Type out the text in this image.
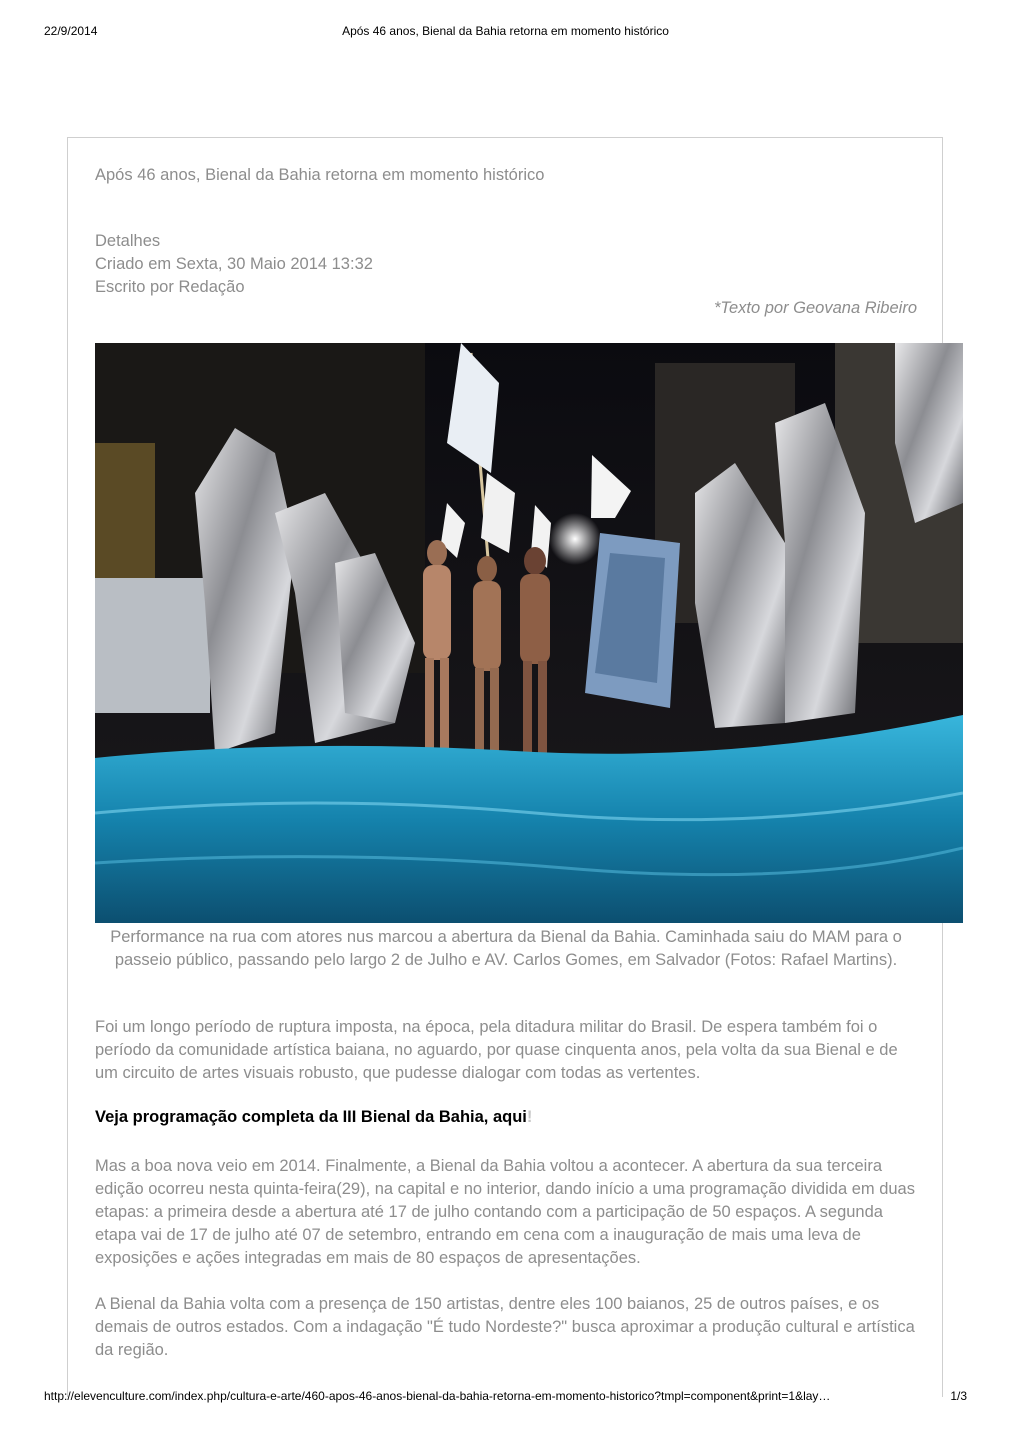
22/9/2014	Após 46 anos, Bienal da Bahia retorna em momento histórico
Após 46 anos, Bienal da Bahia retorna em momento histórico
Detalhes
Criado em Sexta, 30 Maio 2014 13:32
Escrito por Redação
*Texto por Geovana Ribeiro
Performance na rua com atores nus marcou a abertura da Bienal da Bahia. Caminhada saiu do MAM para o
passeio público, passando pelo largo 2 de Julho e AV. Carlos Gomes, em Salvador (Fotos: Rafael Martins).

Foi um longo período de ruptura imposta, na época, pela ditadura militar do Brasil. De espera também foi o período da comunidade artística baiana, no aguardo, por quase cinquenta anos, pela volta da sua Bienal e de um circuito de artes visuais robusto, que pudesse dialogar com todas as vertentes.

Veja programação completa da III Bienal da Bahia, aqui!

Mas a boa nova veio em 2014. Finalmente, a Bienal da Bahia voltou a acontecer. A abertura da sua terceira edição ocorreu nesta quinta-feira(29), na capital e no interior, dando início a uma programação dividida em duas etapas: a primeira desde a abertura até 17 de julho contando com a participação de 50 espaços. A segunda etapa vai de 17 de julho até 07 de setembro, entrando em cena com a inauguração de mais uma leva de exposições e ações integradas em mais de 80 espaços de apresentações.

A Bienal da Bahia volta com a presença de 150 artistas, dentre eles 100 baianos, 25 de outros países, e os demais de outros estados. Com a indagação "É tudo Nordeste?" busca aproximar a produção cultural e artística da região.

http://elevenculture.com/index.php/cultura-e-arte/460-apos-46-anos-bienal-da-bahia-retorna-em-momento-historico?tmpl=component&print=1&lay…	1/3
